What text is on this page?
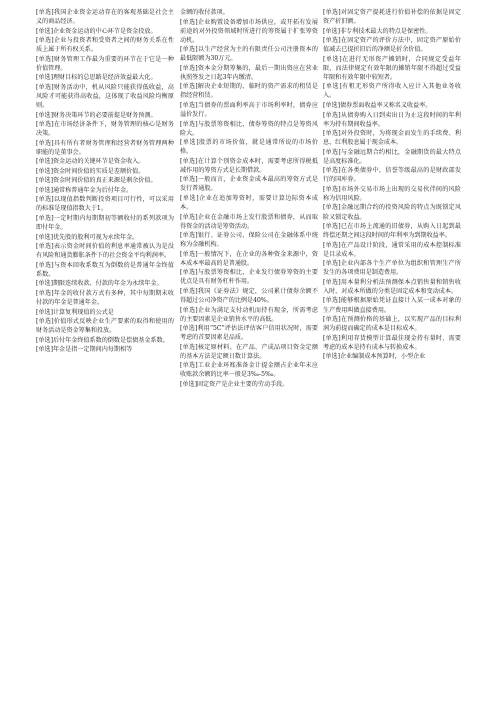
[单选]我国企业资金运动存在的客观基础是社会主义的商品经济。

[单选]企业资金运动的中心环节是资金投放。

[单选]企业与投资者和受资者之间的财务关系在性质上属于所有权关系。

[单选]财务管理工作最为重要的环节在于它是一种价值管理。

[单选]理财目标的总思路是经济效益最大化。

[单选]财务活动中，机从风险只能获得低收益，高风险才可能获得高收益，这体现了收益风险均衡原则。

[单选]财务决策环节的必要前提是财务预测。

[单选]在市场经济条件下，财务管理的核心是财务决策。

[单选]具有所有者财务管理和经营者财务管理两种职能的是董事会。

[单选]资金运动的关键环节是资金收入。

[单选]资金时间价值的实质是差额价值。

[单选]资金时间价值的真正来源是剩余价值。

[单选]通常称普通年金为后付年金。

[单选]以现值指数判断投资项目可行性，可以采用的标准是现值指数大于1。

[单选]一定时期内每期期初等额收付的系列款项为即付年金。

[单选]优先股的股利可视为永续年金。

[单选]表示资金时间价值的利息率通常被认为是没有风险和通货膨胀条件下的社会资金平均利润率。

[单选]与资本回收系数互为倒数的是普通年金终值系数。

[单选]期限连续收款、付款的年金为永续年金。

[单选]年金的收付款方式有多种，其中每期期末收付款的年金是普通年金。

[单选]计算复利现值的公式是

[单选]价值形式反映企业生产要素的取得和使用的财务活动是资金筹集和投放。

[单选]后付年金终值系数的倒数是偿债基金系数。

[单选]年金是指一定期间内每期相等

金额的收付款项。

[单选]企业购置设备增加市场供应，或开拓有发展前途的对外投资领域时所进行的筹资属于扩张筹资动机。

[单选]以生产经营为主的有限责任公司注册资本的最低限额为30万元。

[单选]资本金分期筹集的，最后一期出资应在营业执照签发之日起3年内缴清。

[单选]解决企业短期的、临时的资产需求的租赁是指经营租赁。

[单选]当债券的票面利率高于市场利率时，债券应溢价发行。

[单选]与股票筹资相比，债券筹资的特点是筹资风险大。

[单选]股票的市场价值，就是通常所说的市场价格。

[单选]在计算个别资金成本时，需要考虑所得税抵减作用的筹资方式是长期借款。

[单选]一般而言，企业资金成本最高的筹资方式是发行普通股。

[单选]企业在追加筹资时，需要计算边际资本成本。

[单选]企业在金融市场上发行股票和债券，从而取得资金的活动是筹资活动。

[单选]银行、证券公司、保险公司在金融体系中统称为金融机构。

[单选]一般情况下，在企业的各种资金来源中，资本成本率最高的是普通股。

[单选]与股票筹资相比，企业发行债券筹资的主要优点是具有财务杠杆作用。

[单选]我国《证券法》规定，公司累计债券余额不得超过公司净资产的比例是40%。

[单选]企业为满足支付动机而持有现金，所需考虑的主要因素是企业销售水平的高低。

[单选]利用“5C”评估法评估客户信用状况时，需要考虑的首要因素是品质。

[单选]核定原材料、在产品、产成品项目资金定额的基本方法是定额日数计算法。

[单选]工业企业环账准备金计提金额占企业年末应收账款余额的比率一般是3‰-5‰。

[单选]固定资产是企业主要的劳动手段。

[单选]对固定资产提耗进行价值补偿的依据是固定资产折旧额。

[单选]非专利技术最大的特点是保密性。

[单选]在固定资产的评价方法中，固定资产原始价值减去已提折旧后的净额是折余价值。

[单选]在进行无形资产摊销时，合同规定受益年限，而法律规定有效年限的摊销年限不得超过受益年限和有效年限中较短者。

[单选]有租无形资产所得收入应计入其他业务收入。

[单选]债券票面收益率又称名义收益率。

[单选]从债券购入日到卖出日为止这段时间的年利率为持有期间收益率。

[单选]对外投资时，为将现金而发生的手续费、利息、红利股息属于现金成本。

[单选]与金融远期合约相比，金融期货的最大特点是高度标准化。

[单选]在各类债券中，信誉等级最高的是财政部发行的国库券。

[单选]市场外交易市场上出现的交易伙伴间的风险称为信用风险。

[单选]金融远期合约的投资风险的特点为既锁定风险又锁定收益。

[单选]已在市场上流通的旧债券，从购入日起到最终偿还期之间这段时间的年利率为到期收益率。

[单选]在产品设计阶段，通常采用的成本控制标准是目录成本。

[单选]企业内部各个生产单位为组织和管理生产所发生的各项费用是制造费用。

[单选]用本量利分析法预测保本点销售量和销售收入时，对成本所做的分类是固定成本和变动成本。

[单选]能够根据原始凭证直接计入某一成本对象的生产费用叫做直接费用。

[单选]在预测价格的基础上，以实现产品的目标利润为前提而确定的成本是目标成本。

[单选]利用存货模型计算最佳现金持有量时，需要考虑的成本是持有成本与转换成本。

[单选]企业编制成本预算时，小型企业
